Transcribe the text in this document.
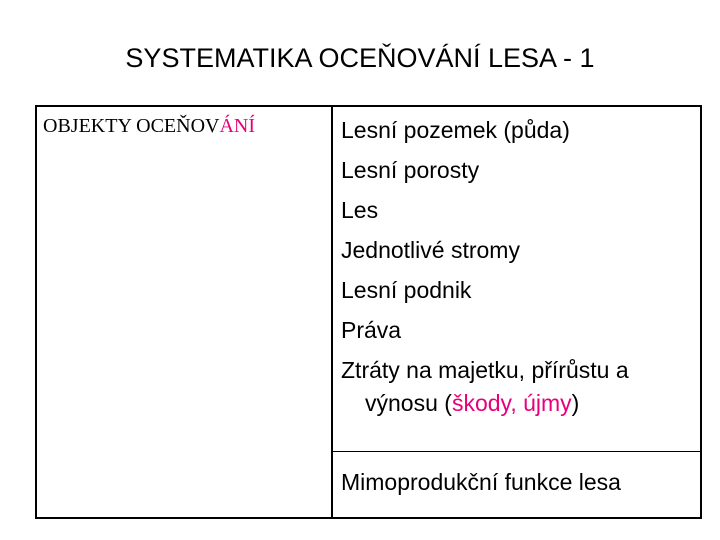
SYSTEMATIKA OCEŇOVÁNÍ LESA - 1
OBJEKTY OCEŇOVÁNÍ	Lesní pozemek (půda)
Lesní porosty
Les
Jednotlivé stromy
Lesní podnik
Práva
Ztráty na majetku, přírůstu a
výnosu (škody, újmy)
Mimoprodukční funkce lesa
